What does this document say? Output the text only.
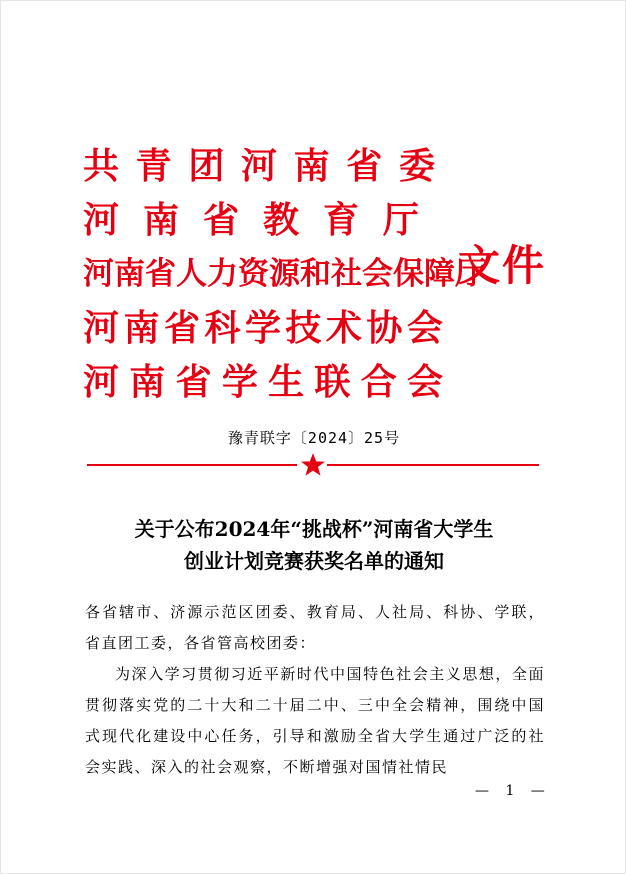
共 青 团 河 南 省 委
河 南 省 教 育 厅
河南省人力资源和社会保障厅
河 南 省 科 学 技 术 协 会
河 南 省 学 生 联 合 会
文件
豫青联字〔2024〕25号
关于公布2024年“挑战杯”河南省大学生
创业计划竞赛获奖名单的通知

各省辖市、济源示范区团委、教育局、人社局、科协、学联，省直团工委，各省管高校团委：

为深入学习贯彻习近平新时代中国特色社会主义思想，全面贯彻落实党的二十大和二十届二中、三中全会精神，围绕中国式现代化建设中心任务，引导和激励全省大学生通过广泛的社会实践、深入的社会观察，不断增强对国情社情民

— 1 —
